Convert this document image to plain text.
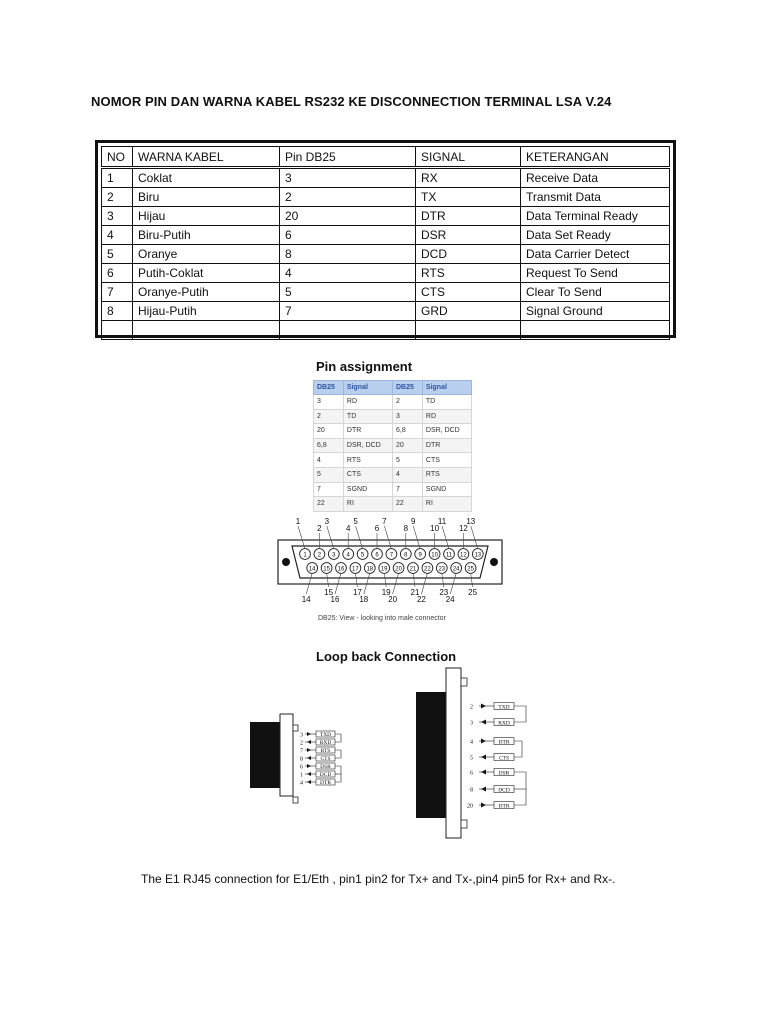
NOMOR PIN DAN WARNA KABEL RS232 KE DISCONNECTION TERMINAL LSA V.24
NO	WARNA KABEL	Pin DB25	SIGNAL	KETERANGAN
1	Coklat	3	RX	Receive Data
2	Biru	2	TX	Transmit Data
3	Hijau	20	DTR	Data Terminal Ready
4	Biru-Putih	6	DSR	Data Set Ready
5	Oranye	8	DCD	Data Carrier Detect
6	Putih-Coklat	4	RTS	Request To Send
7	Oranye-Putih	5	CTS	Clear To Send
8	Hijau-Putih	7	GRD	Signal Ground

Pin assignment
DB25	Signal	DB25	Signal
3	RD	2	TD
2	TD	3	RD
20	DTR	6,8	DSR, DCD
6,8	DSR, DCD	20	DTR
4	RTS	5	CTS
5	CTS	4	RTS
7	SGND	7	SGND
22	RI	22	RI
1
1
2
2
3
3
4
4
5
5
6
6
7
7
8
8
9
9
10
10
11
11
12
12
13
13
14
14
15
15
16
16
17
17
18
18
19
19
20
20
21
21
22
22
23
23
24
24
25
25
DB25: View - looking into male connector
Loop back Connection
3	TXD
2	RXD
7	RTS
8	CTS
6	DSR
1	DCD
4	DTR
2	TXD
3	RXD
4	DTR
5	CTS
6	DSR
8	DCD
20	DTR
The E1 RJ45 connection for E1/Eth , pin1 pin2 for Tx+ and Tx-,pin4 pin5 for Rx+ and Rx-.
